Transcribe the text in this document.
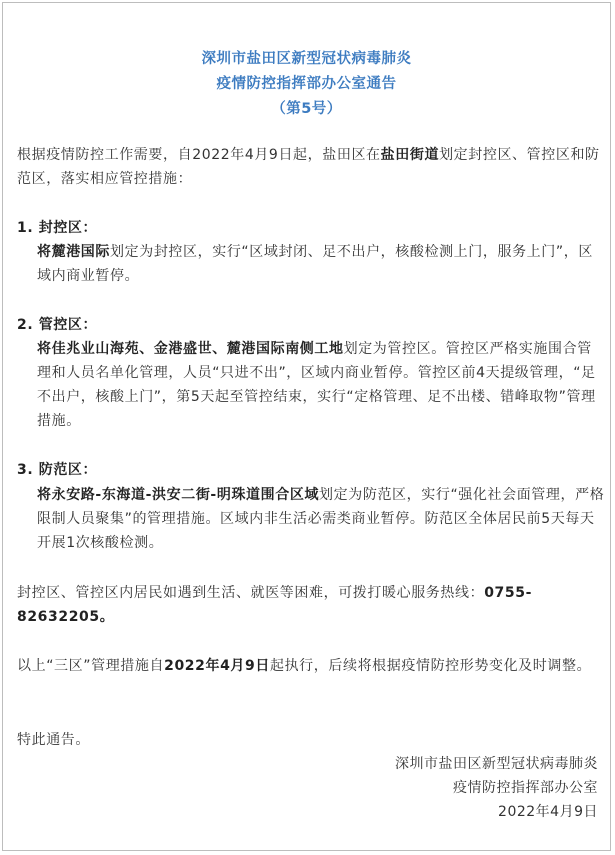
深圳市盐田区新型冠状病毒肺炎
疫情防控指挥部办公室通告
（第5号）

根据疫情防控工作需要，自2022年4月9日起，盐田区在盐田街道划定封控区、管控区和防范区，落实相应管控措施：

1. 封控区：

将麓港国际划定为封控区，实行“区域封闭、足不出户，核酸检测上门，服务上门”，区域内商业暂停。

2. 管控区：

将佳兆业山海苑、金港盛世、麓港国际南侧工地划定为管控区。管控区严格实施围合管理和人员名单化管理，人员“只进不出”，区域内商业暂停。管控区前4天提级管理，“足不出户，核酸上门”，第5天起至管控结束，实行“定格管理、足不出楼、错峰取物”管理措施。

3. 防范区：

将永安路-东海道-洪安二街-明珠道围合区域划定为防范区，实行“强化社会面管理，严格限制人员聚集”的管理措施。区域内非生活必需类商业暂停。防范区全体居民前5天每天开展1次核酸检测。

封控区、管控区内居民如遇到生活、就医等困难，可拨打暖心服务热线：0755-82632205。

以上“三区”管理措施自2022年4月9日起执行，后续将根据疫情防控形势变化及时调整。

特此通告。

深圳市盐田区新型冠状病毒肺炎
疫情防控指挥部办公室
2022年4月9日
